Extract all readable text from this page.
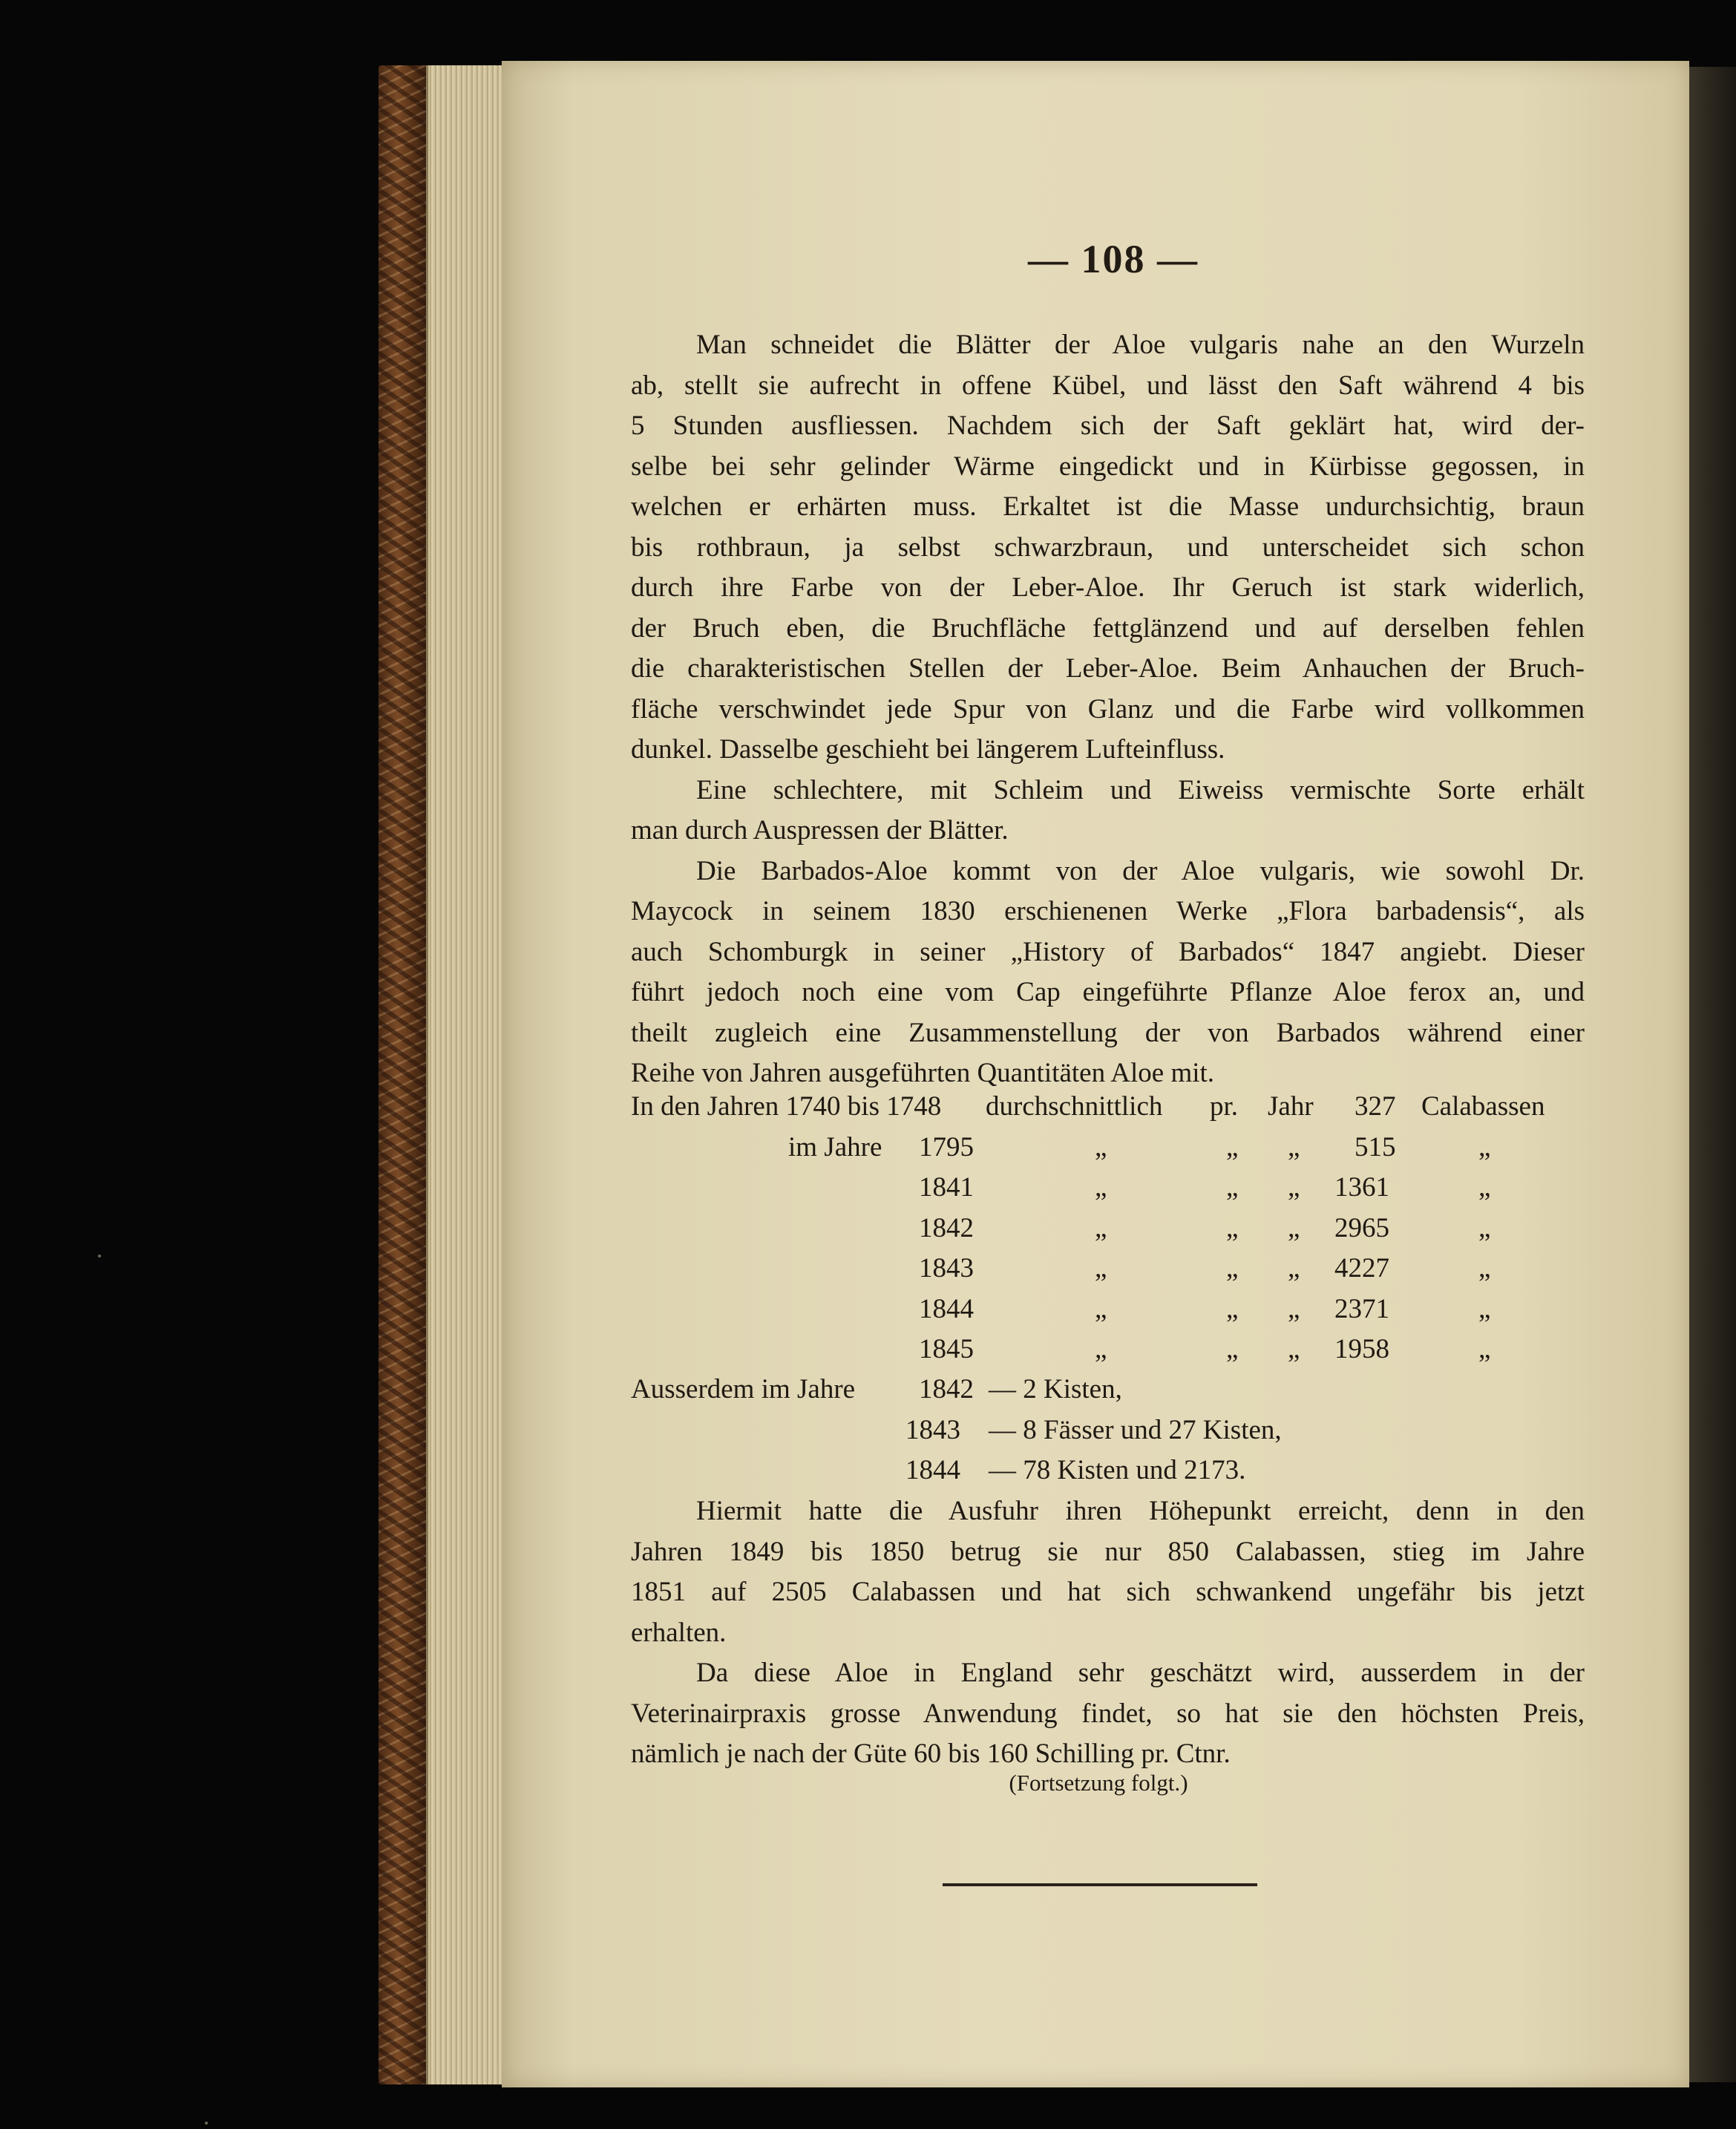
— 108 —
Man schneidet die Blätter der Aloe vulgaris nahe an den Wurzeln
ab, stellt sie aufrecht in offene Kübel, und lässt den Saft während 4 bis
5 Stunden ausfliessen. Nachdem sich der Saft geklärt hat, wird der-
selbe bei sehr gelinder Wärme eingedickt und in Kürbisse gegossen, in
welchen er erhärten muss. Erkaltet ist die Masse undurchsichtig, braun
bis rothbraun, ja selbst schwarzbraun, und unterscheidet sich schon
durch ihre Farbe von der Leber-Aloe. Ihr Geruch ist stark widerlich,
der Bruch eben, die Bruchfläche fettglänzend und auf derselben fehlen
die charakteristischen Stellen der Leber-Aloe. Beim Anhauchen der Bruch-
fläche verschwindet jede Spur von Glanz und die Farbe wird vollkommen
dunkel. Dasselbe geschieht bei längerem Lufteinfluss.
Eine schlechtere, mit Schleim und Eiweiss vermischte Sorte erhält
man durch Auspressen der Blätter.
Die Barbados-Aloe kommt von der Aloe vulgaris, wie sowohl Dr.
Maycock in seinem 1830 erschienenen Werke „Flora barbadensis“, als
auch Schomburgk in seiner „History of Barbados“ 1847 angiebt. Dieser
führt jedoch noch eine vom Cap eingeführte Pflanze Aloe ferox an, und
theilt zugleich eine Zusammenstellung der von Barbados während einer
Reihe von Jahren ausgeführten Quantitäten Aloe mit.
In den Jahren 1740 bis 1748 durchschnittlich pr. Jahr 327 Calabassen
im Jahre 1795	„	„ „ 515	„
1841	„	„ „ 1361	„
1842	„	„ „ 2965	„
1843	„	„ „ 4227	„
1844	„	„ „ 2371	„
1845	„	„ „ 1958	„
Ausserdem im Jahre 1842 — 2 Kisten,
1843 — 8 Fässer und 27 Kisten,
1844 — 78 Kisten und 2173.
Hiermit hatte die Ausfuhr ihren Höhepunkt erreicht, denn in den
Jahren 1849 bis 1850 betrug sie nur 850 Calabassen, stieg im Jahre
1851 auf 2505 Calabassen und hat sich schwankend ungefähr bis jetzt
erhalten.
Da diese Aloe in England sehr geschätzt wird, ausserdem in der
Veterinairpraxis grosse Anwendung findet, so hat sie den höchsten Preis,
nämlich je nach der Güte 60 bis 160 Schilling pr. Ctnr.
(Fortsetzung folgt.)
